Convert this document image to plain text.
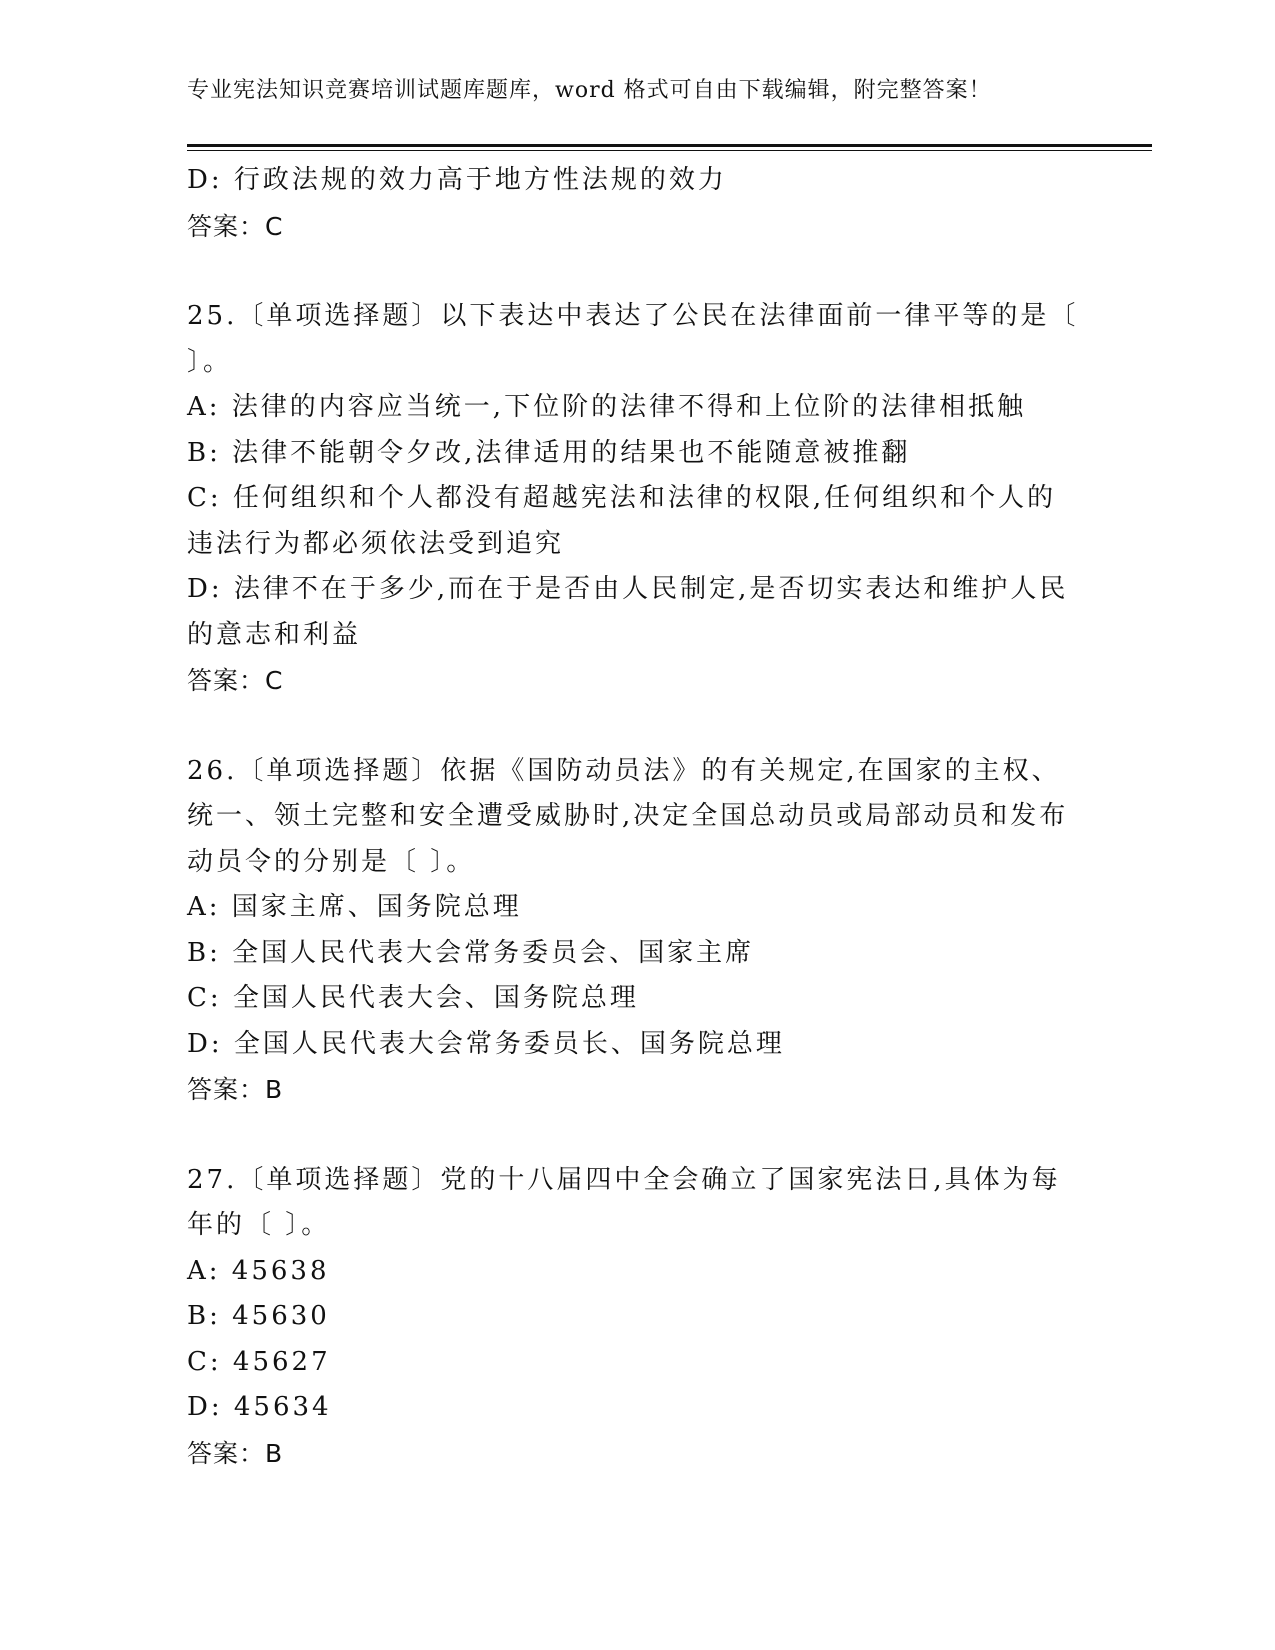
专业宪法知识竞赛培训试题库题库，word 格式可自由下载编辑，附完整答案！
D: 行政法规的效力高于地方性法规的效力
答案：C
25.〔单项选择题〕以下表达中表达了公民在法律面前一律平等的是〔
〕。
A: 法律的内容应当统一,下位阶的法律不得和上位阶的法律相抵触
B: 法律不能朝令夕改,法律适用的结果也不能随意被推翻
C: 任何组织和个人都没有超越宪法和法律的权限,任何组织和个人的
违法行为都必须依法受到追究
D: 法律不在于多少,而在于是否由人民制定,是否切实表达和维护人民
的意志和利益
答案：C
26.〔单项选择题〕依据《国防动员法》的有关规定,在国家的主权、
统一、领土完整和安全遭受威胁时,决定全国总动员或局部动员和发布
动员令的分别是〔 〕。
A: 国家主席、国务院总理
B: 全国人民代表大会常务委员会、国家主席
C: 全国人民代表大会、国务院总理
D: 全国人民代表大会常务委员长、国务院总理
答案：B
27.〔单项选择题〕党的十八届四中全会确立了国家宪法日,具体为每
年的〔 〕。
A: 45638
B: 45630
C: 45627
D: 45634
答案：B
